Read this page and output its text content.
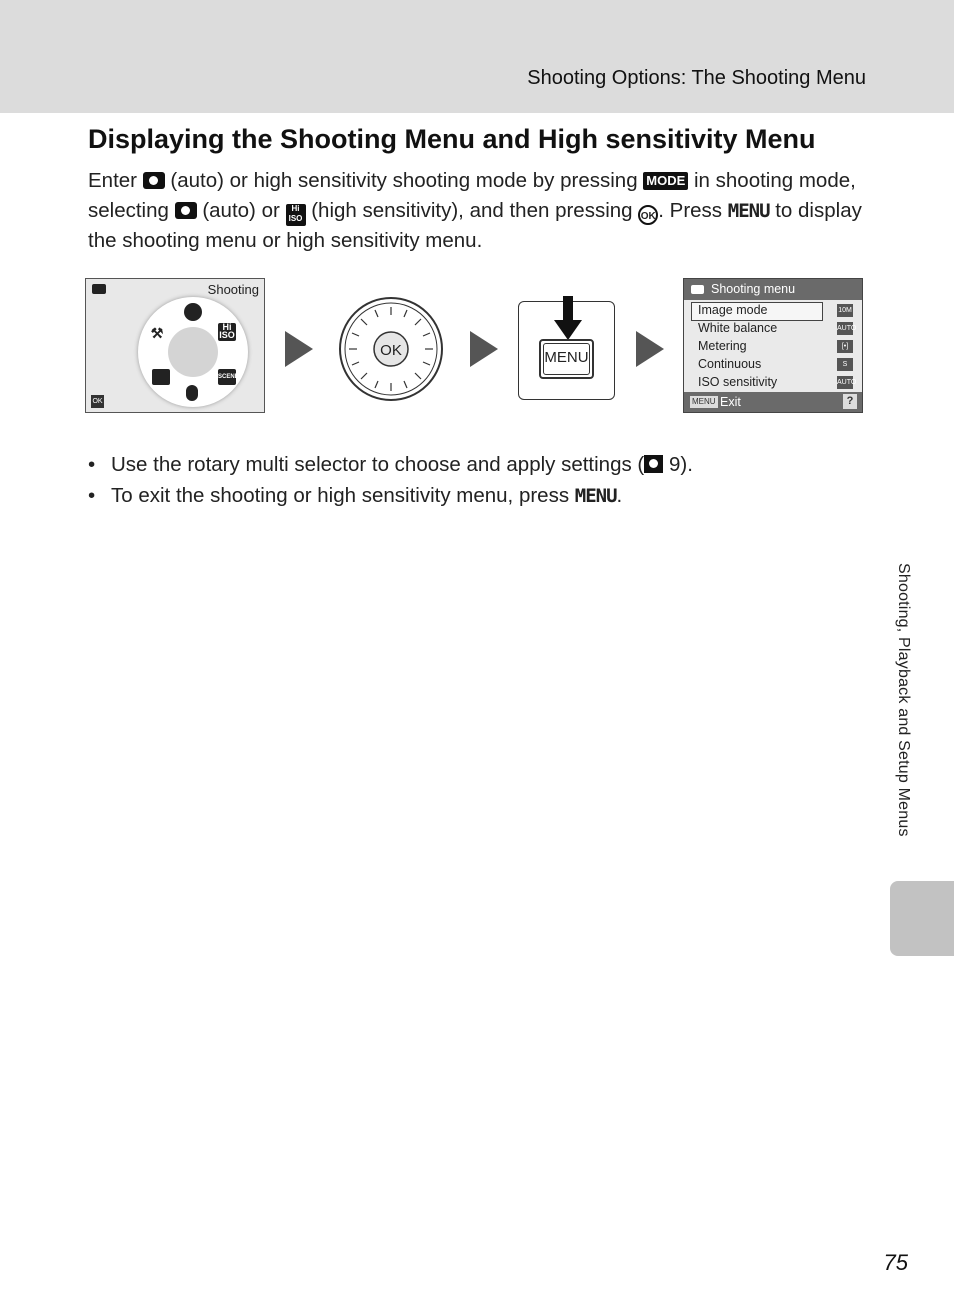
Shooting Options: The Shooting Menu
Displaying the Shooting Menu and High sensitivity Menu

Enter (auto) or high sensitivity shooting mode by pressing MODE in shooting mode, selecting (auto) or Hi ISO (high sensitivity), and then pressing OK . Press MENU to display the shooting menu or high sensitivity menu.

Shooting
Hi ISO
SCENE
⚒
OK
OK	MENU
Shooting menu
Image mode
White balance
Metering
Continuous
ISO sensitivity
10M
AUTO
[•]
S
AUTO
MENU Exit	?
• Use the rotary multi selector to choose and apply settings ( 9).
• To exit the shooting or high sensitivity menu, press MENU.
Shooting, Playback and Setup Menus
75
